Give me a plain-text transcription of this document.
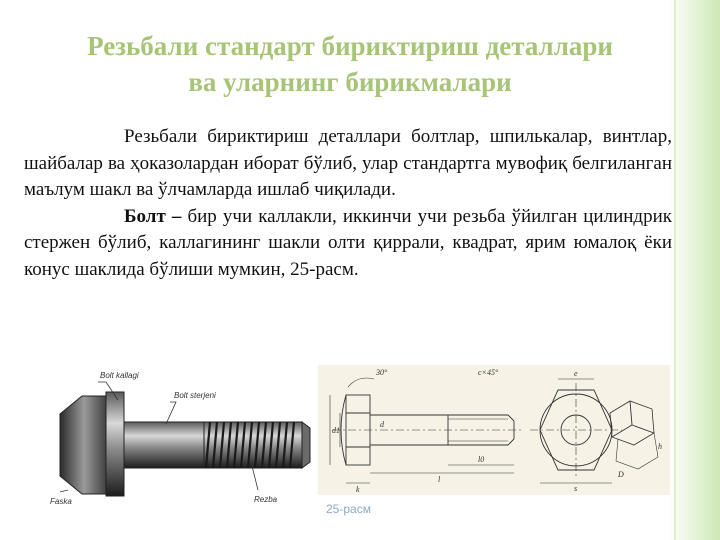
Резьбали стандарт бириктириш деталлари
ва уларнинг бирикмалари

Резьбали бириктириш деталлари болтлар, шпилькалар, винтлар, шайбалар ва ҳоказолардан иборат бўлиб, улар стандартга мувофиқ белгиланган маълум шакл ва ўлчамларда ишлаб чиқилади.

Болт – бир учи каллакли, иккинчи учи резьба ўйилган цилиндрик стержен бўлиб, каллагининг шакли олти қиррали, квадрат, ярим юмалоқ ёки конус шаклида бўлиши мумкин, 25-расм.

Bolt kallagi
Bolt sterjeni
Faska	Rezba
30°	c×45°
d1
d
l0
l
k	s
e
D
h
25-расм
